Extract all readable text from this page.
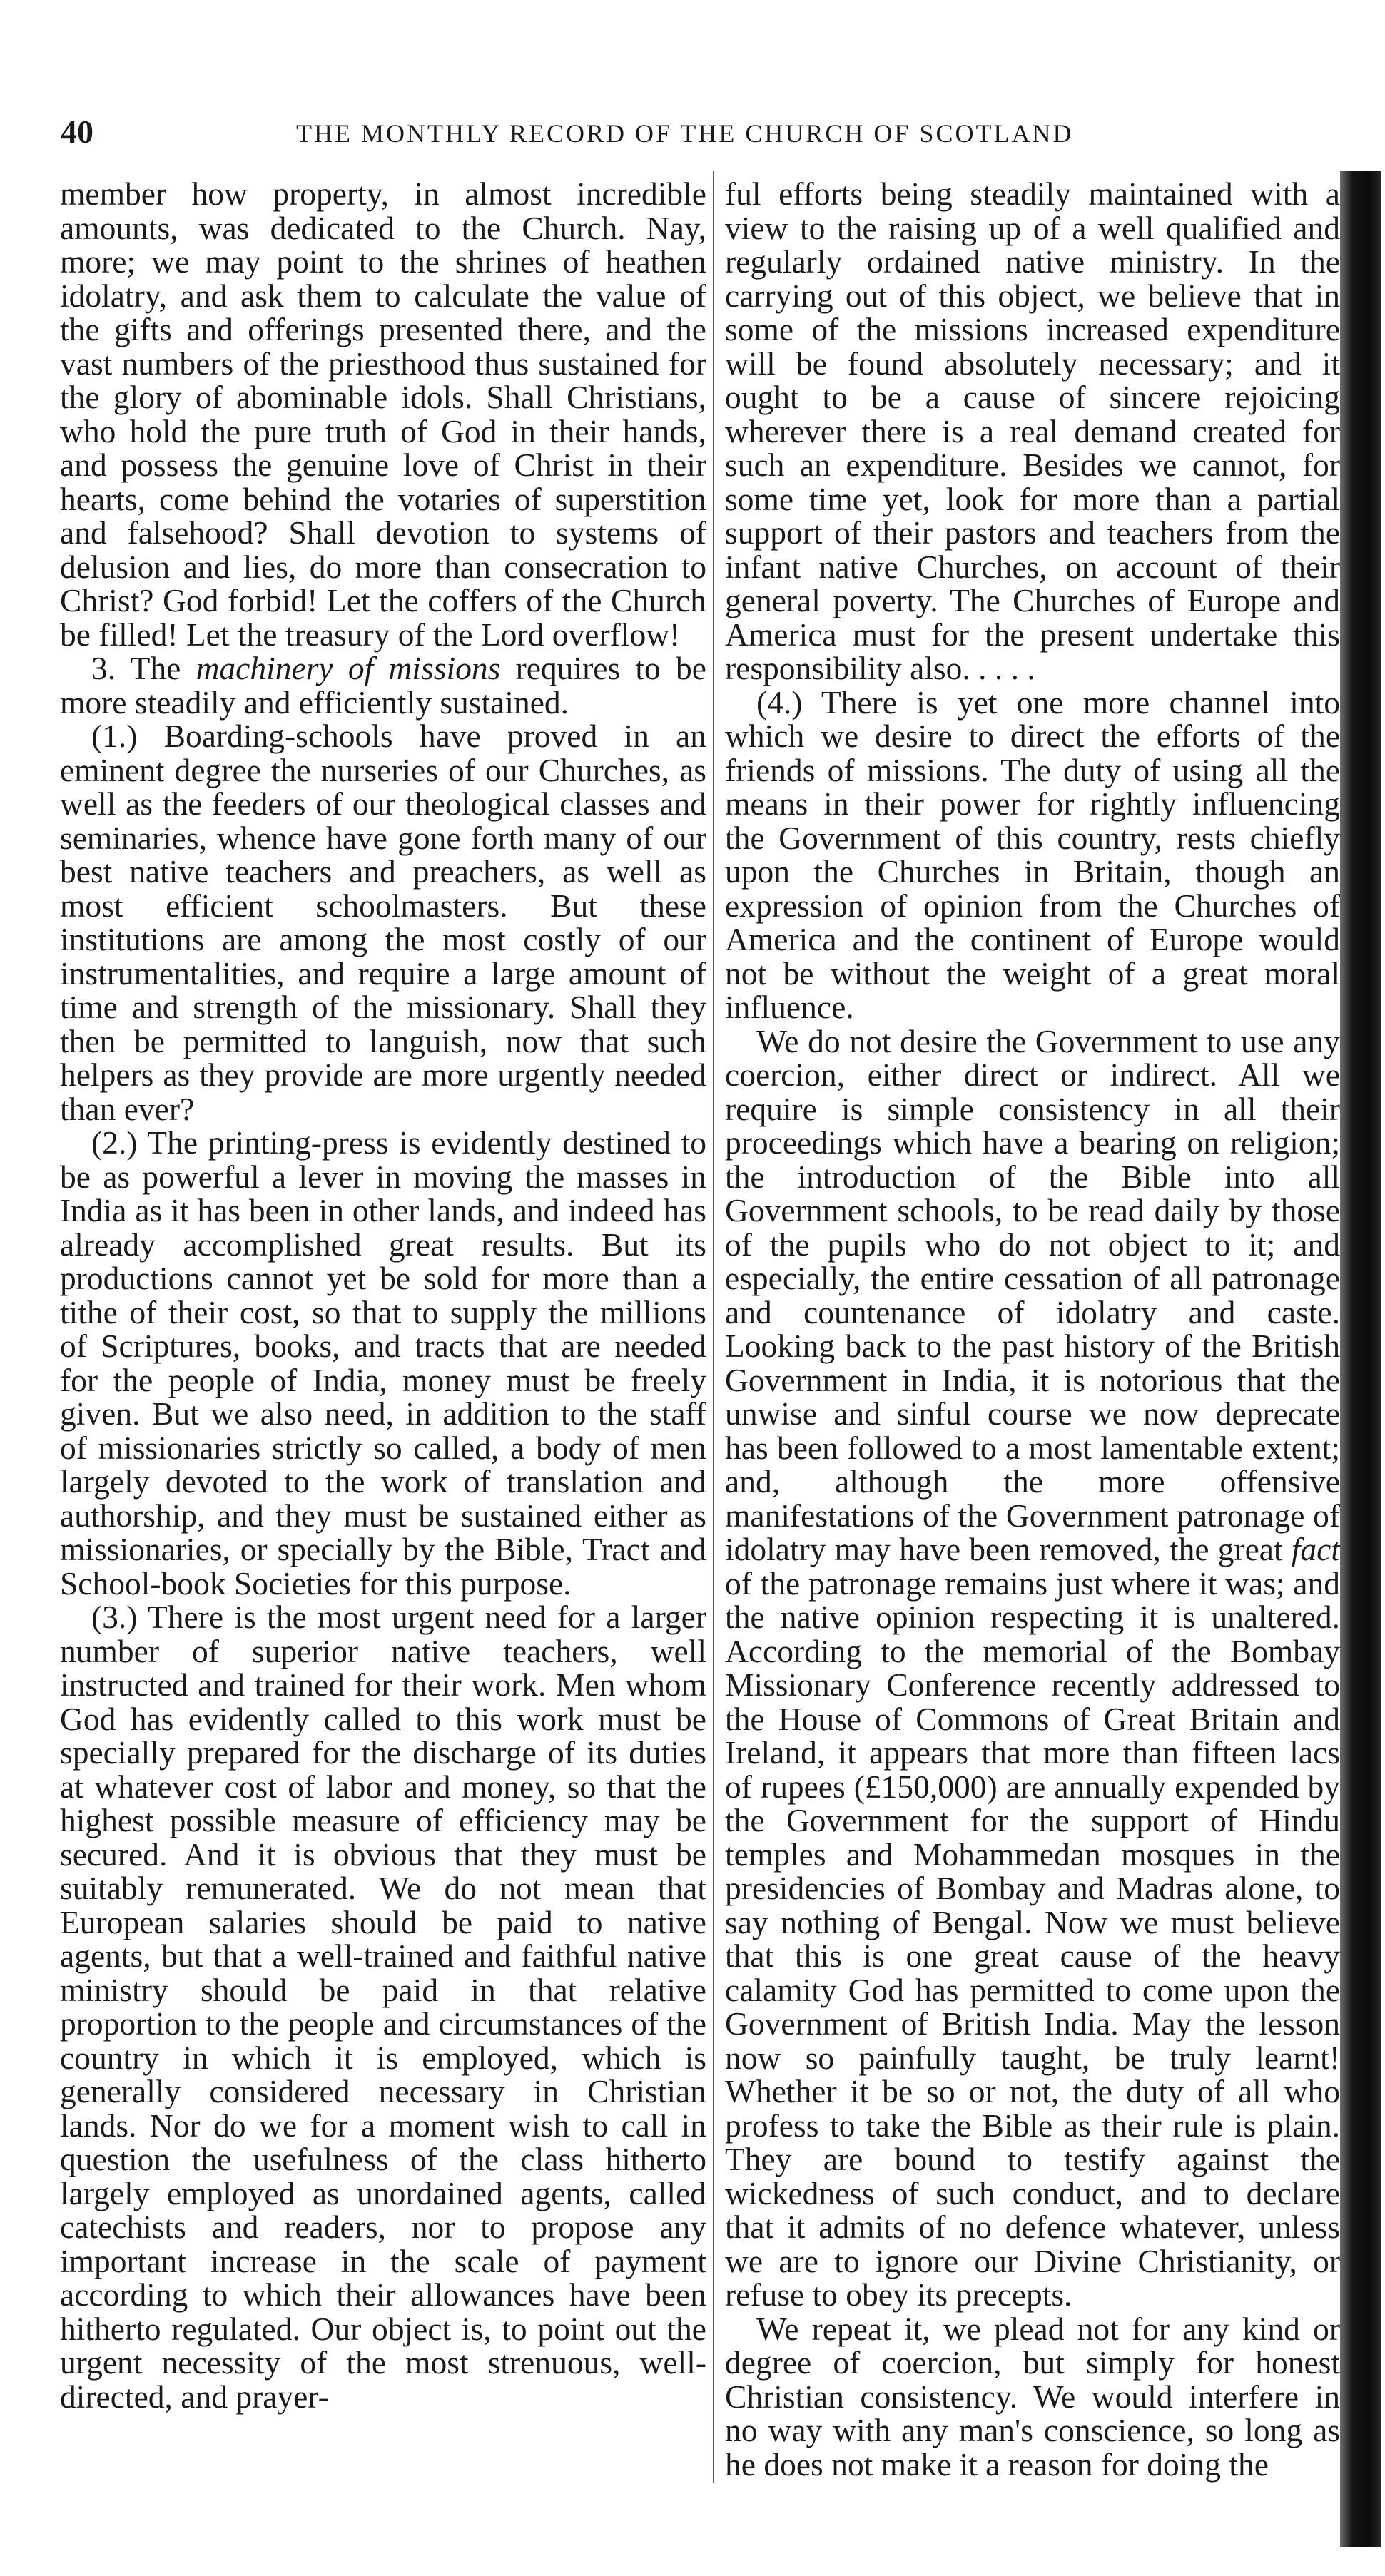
40	THE MONTHLY RECORD OF THE CHURCH OF SCOTLAND

member how property, in almost incredible amounts, was dedicated to the Church. Nay, more; we may point to the shrines of heathen idolatry, and ask them to calculate the value of the gifts and offerings presented there, and the vast numbers of the priesthood thus sustained for the glory of abominable idols. Shall Christians, who hold the pure truth of God in their hands, and possess the genuine love of Christ in their hearts, come behind the votaries of superstition and falsehood? Shall devotion to systems of delusion and lies, do more than consecration to Christ? God forbid! Let the coffers of the Church be filled! Let the treasury of the Lord overflow!

3. The machinery of missions requires to be more steadily and efficiently sustained.

(1.) Boarding-schools have proved in an eminent degree the nurseries of our Churches, as well as the feeders of our theological classes and seminaries, whence have gone forth many of our best native teachers and preachers, as well as most efficient schoolmasters. But these institutions are among the most costly of our instrumentalities, and require a large amount of time and strength of the missionary. Shall they then be permitted to languish, now that such helpers as they provide are more urgently needed than ever?

(2.) The printing-press is evidently destined to be as powerful a lever in moving the masses in India as it has been in other lands, and indeed has already accomplished great results. But its productions cannot yet be sold for more than a tithe of their cost, so that to supply the millions of Scriptures, books, and tracts that are needed for the people of India, money must be freely given. But we also need, in addition to the staff of missionaries strictly so called, a body of men largely devoted to the work of translation and authorship, and they must be sustained either as missionaries, or specially by the Bible, Tract and School-book Societies for this purpose.

(3.) There is the most urgent need for a larger number of superior native teachers, well instructed and trained for their work. Men whom God has evidently called to this work must be specially prepared for the discharge of its duties at whatever cost of labor and money, so that the highest possible measure of efficiency may be secured. And it is obvious that they must be suitably remunerated. We do not mean that European salaries should be paid to native agents, but that a well-trained and faithful native ministry should be paid in that relative proportion to the people and circumstances of the country in which it is employed, which is generally considered necessary in Christian lands. Nor do we for a moment wish to call in question the usefulness of the class hitherto largely employed as unordained agents, called catechists and readers, nor to propose any important increase in the scale of payment according to which their allowances have been hitherto regulated. Our object is, to point out the urgent necessity of the most strenuous, well-directed, and prayer-

ful efforts being steadily maintained with a view to the raising up of a well qualified and regularly ordained native ministry. In the carrying out of this object, we believe that in some of the missions increased expenditure will be found absolutely necessary; and it ought to be a cause of sincere rejoicing wherever there is a real demand created for such an expenditure. Besides we cannot, for some time yet, look for more than a partial support of their pastors and teachers from the infant native Churches, on account of their general poverty. The Churches of Europe and America must for the present undertake this responsibility also. . . . .

(4.) There is yet one more channel into which we desire to direct the efforts of the friends of missions. The duty of using all the means in their power for rightly influencing the Government of this country, rests chiefly upon the Churches in Britain, though an expression of opinion from the Churches of America and the continent of Europe would not be without the weight of a great moral influence.

We do not desire the Government to use any coercion, either direct or indirect. All we require is simple consistency in all their proceedings which have a bearing on religion; the introduction of the Bible into all Government schools, to be read daily by those of the pupils who do not object to it; and especially, the entire cessation of all patronage and countenance of idolatry and caste. Looking back to the past history of the British Government in India, it is notorious that the unwise and sinful course we now deprecate has been followed to a most lamentable extent; and, although the more offensive manifestations of the Government patronage of idolatry may have been removed, the great fact of the patronage remains just where it was; and the native opinion respecting it is unaltered. According to the memorial of the Bombay Missionary Conference recently addressed to the House of Commons of Great Britain and Ireland, it appears that more than fifteen lacs of rupees (£150,000) are annually expended by the Government for the support of Hindu temples and Mohammedan mosques in the presidencies of Bombay and Madras alone, to say nothing of Bengal. Now we must believe that this is one great cause of the heavy calamity God has permitted to come upon the Government of British India. May the lesson now so painfully taught, be truly learnt! Whether it be so or not, the duty of all who profess to take the Bible as their rule is plain. They are bound to testify against the wickedness of such conduct, and to declare that it admits of no defence whatever, unless we are to ignore our Divine Christianity, or refuse to obey its precepts.

We repeat it, we plead not for any kind or degree of coercion, but simply for honest Christian consistency. We would interfere in no way with any man's conscience, so long as he does not make it a reason for doing the
